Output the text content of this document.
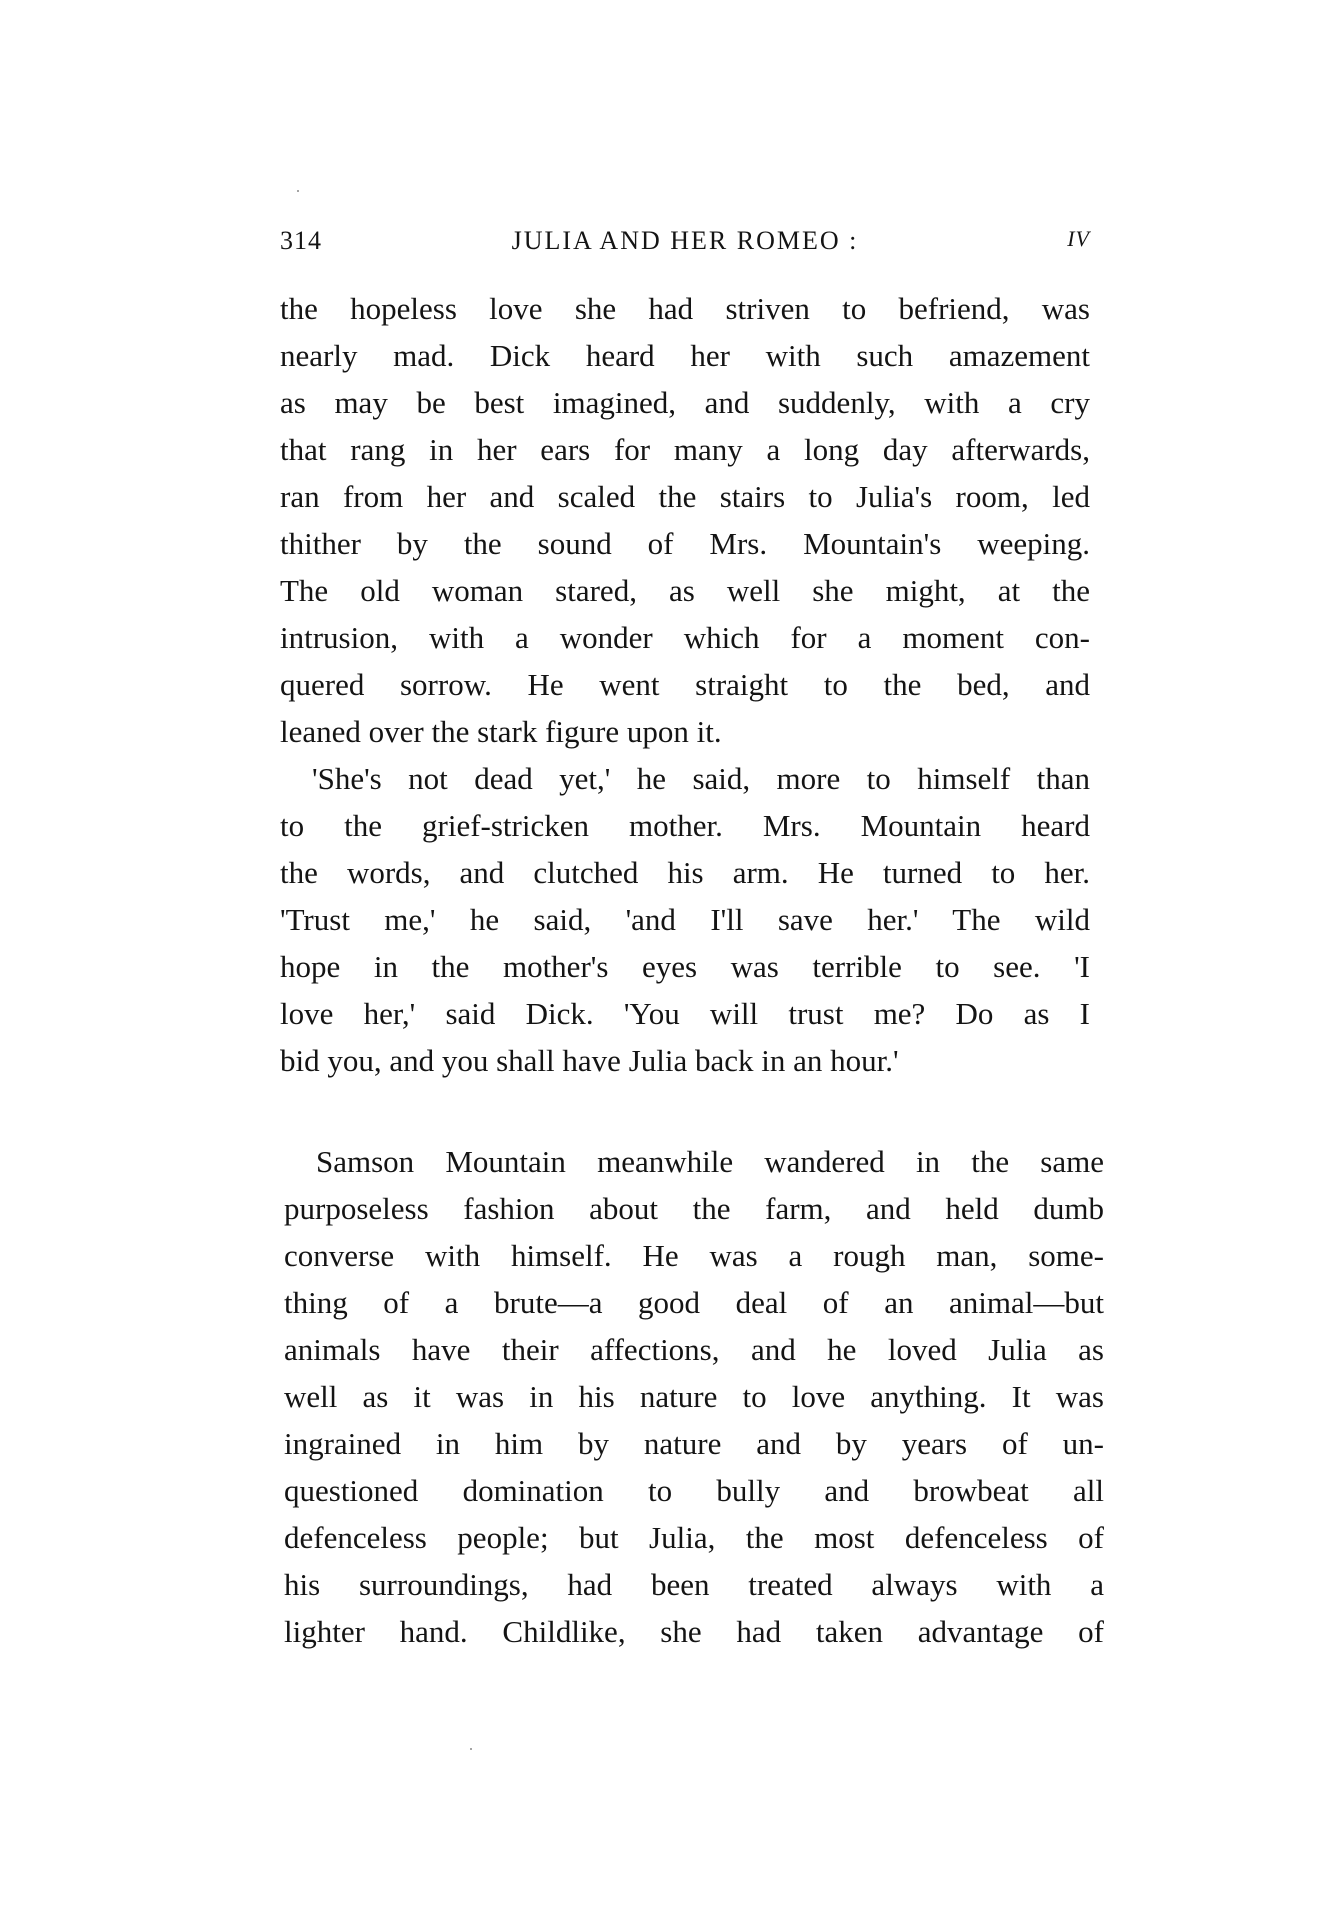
314	JULIA AND HER ROMEO :	IV
the hopeless love she had striven to befriend, was
nearly mad. Dick heard her with such amazement
as may be best imagined, and suddenly, with a cry
that rang in her ears for many a long day afterwards,
ran from her and scaled the stairs to Julia's room, led
thither by the sound of Mrs. Mountain's weeping.
The old woman stared, as well she might, at the
intrusion, with a wonder which for a moment con-
quered sorrow. He went straight to the bed, and
leaned over the stark figure upon it.
'She's not dead yet,' he said, more to himself than
to the grief-stricken mother. Mrs. Mountain heard
the words, and clutched his arm. He turned to her.
'Trust me,' he said, 'and I'll save her.' The wild
hope in the mother's eyes was terrible to see. 'I
love her,' said Dick. 'You will trust me? Do as I
bid you, and you shall have Julia back in an hour.'
Samson Mountain meanwhile wandered in the same
purposeless fashion about the farm, and held dumb
converse with himself. He was a rough man, some-
thing of a brute—a good deal of an animal—but
animals have their affections, and he loved Julia as
well as it was in his nature to love anything. It was
ingrained in him by nature and by years of un-
questioned domination to bully and browbeat all
defenceless people; but Julia, the most defenceless of
his surroundings, had been treated always with a
lighter hand. Childlike, she had taken advantage of
